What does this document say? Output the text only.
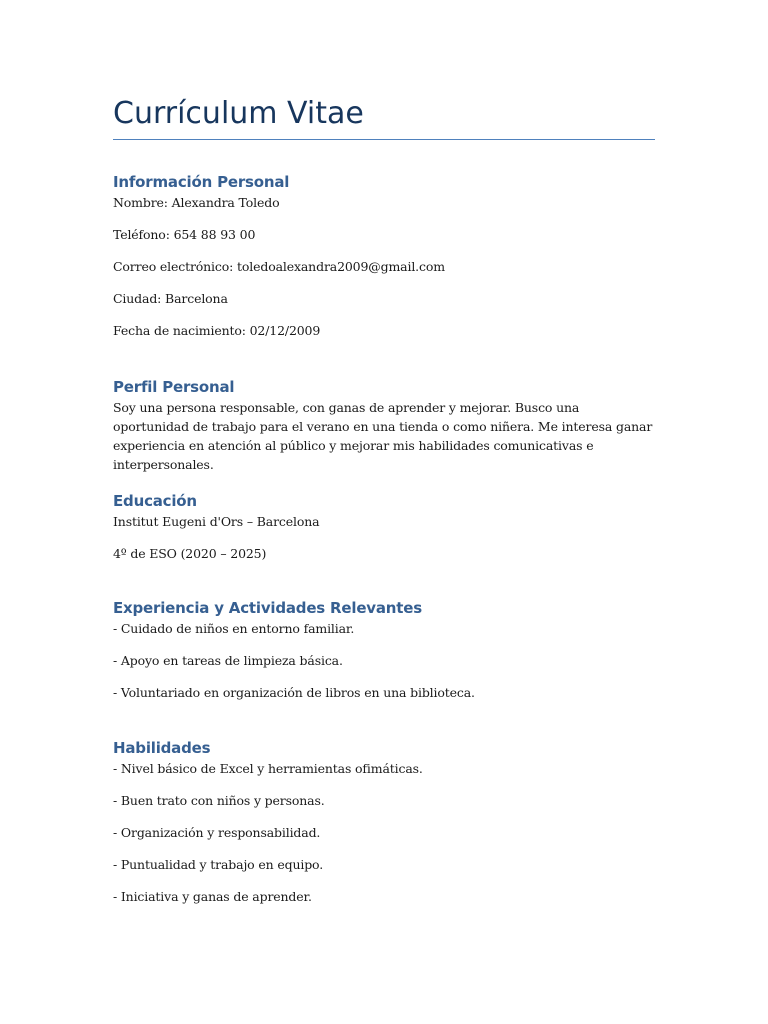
Currículum Vitae
Información Personal

Nombre: Alexandra Toledo

Teléfono: 654 88 93 00

Correo electrónico: toledoalexandra2009@gmail.com

Ciudad: Barcelona

Fecha de nacimiento: 02/12/2009

Perfil Personal

Soy una persona responsable, con ganas de aprender y mejorar. Busco una oportunidad de trabajo para el verano en una tienda o como niñera. Me interesa ganar experiencia en atención al público y mejorar mis habilidades comunicativas e interpersonales.

Educación

Institut Eugeni d'Ors – Barcelona

4º de ESO (2020 – 2025)

Experiencia y Actividades Relevantes

- Cuidado de niños en entorno familiar.

- Apoyo en tareas de limpieza básica.

- Voluntariado en organización de libros en una biblioteca.

Habilidades

- Nivel básico de Excel y herramientas ofimáticas.

- Buen trato con niños y personas.

- Organización y responsabilidad.

- Puntualidad y trabajo en equipo.

- Iniciativa y ganas de aprender.
